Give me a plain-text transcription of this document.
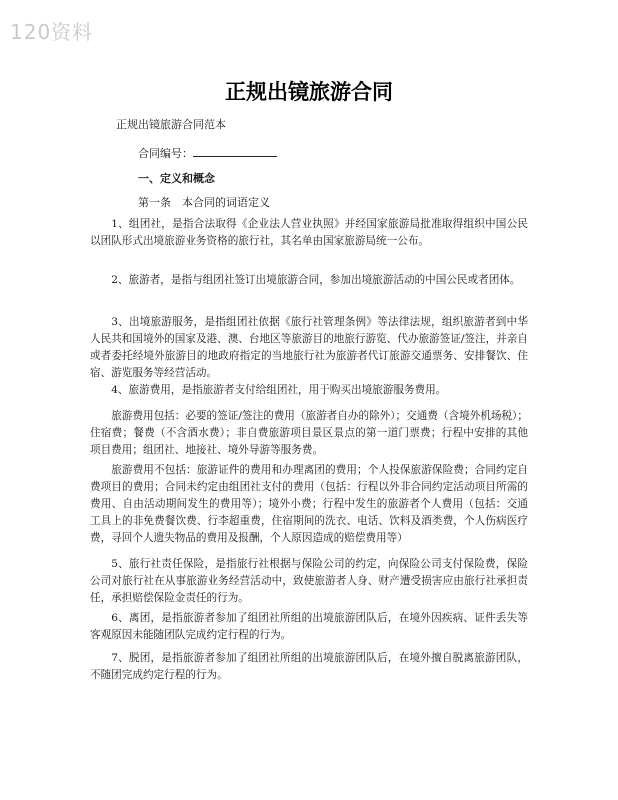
120资料
正规出镜旅游合同
正规出镜旅游合同范本
合同编号：
一、定义和概念
第一条　本合同的词语定义

1、组团社，是指合法取得《企业法人营业执照》并经国家旅游局批准取得组织中国公民以团队形式出境旅游业务资格的旅行社，其名单由国家旅游局统一公布。

2、旅游者，是指与组团社签订出境旅游合同，参加出境旅游活动的中国公民或者团体。

3、出境旅游服务，是指组团社依据《旅行社管理条例》等法律法规，组织旅游者到中华人民共和国境外的国家及港、澳、台地区等旅游目的地旅行游览、代办旅游签证/签注，并亲自或者委托经境外旅游目的地政府指定的当地旅行社为旅游者代订旅游交通票务、安排餐饮、住宿、游览服务等经营活动。

4、旅游费用，是指旅游者支付给组团社，用于购买出境旅游服务费用。

旅游费用包括：必要的签证/签注的费用（旅游者自办的除外）；交通费（含境外机场税）；住宿费；餐费（不含酒水费）；非自费旅游项目景区景点的第一道门票费；行程中安排的其他项目费用；组团社、地接社、境外导游等服务费。

旅游费用不包括：旅游证件的费用和办理离团的费用；个人投保旅游保险费；合同约定自费项目的费用；合同未约定由组团社支付的费用（包括：行程以外非合同约定活动项目所需的费用、自由活动期间发生的费用等）；境外小费；行程中发生的旅游者个人费用（包括：交通工具上的非免费餐饮费、行李超重费，住宿期间的洗衣、电话、饮料及酒类费，个人伤病医疗费，寻回个人遗失物品的费用及报酬，个人原因造成的赔偿费用等）

5、旅行社责任保险，是指旅行社根据与保险公司的约定，向保险公司支付保险费，保险公司对旅行社在从事旅游业务经营活动中，致使旅游者人身、财产遭受损害应由旅行社承担责任，承担赔偿保险金责任的行为。

6、离团，是指旅游者参加了组团社所组的出境旅游团队后，在境外因疾病、证件丢失等客观原因未能随团队完成约定行程的行为。

7、脱团，是指旅游者参加了组团社所组的出境旅游团队后，在境外擅自脱离旅游团队，不随团完成约定行程的行为。
